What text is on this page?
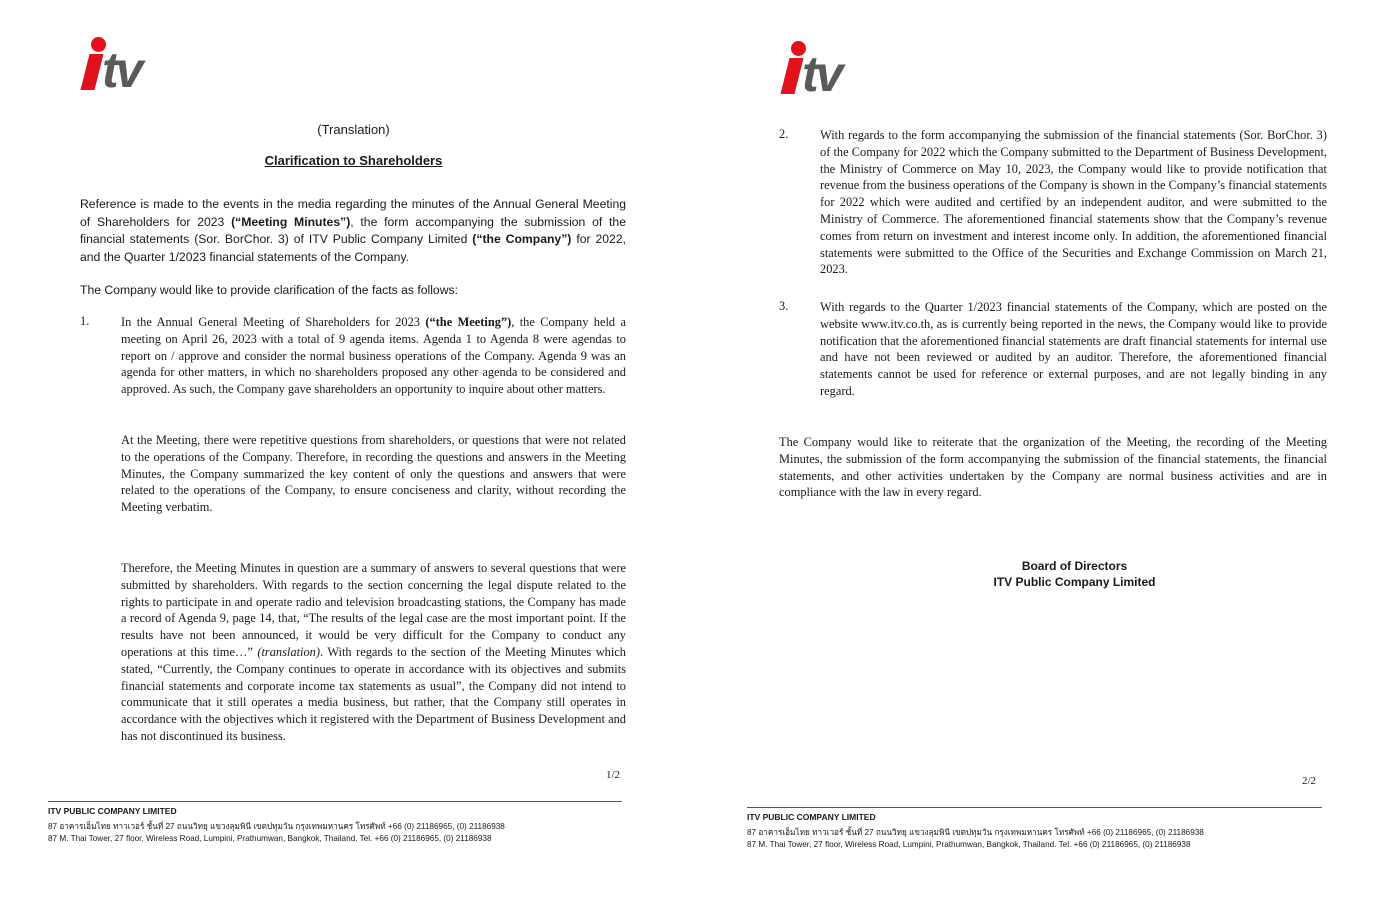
tv
(Translation)
Clarification to Shareholders

Reference is made to the events in the media regarding the minutes of the Annual General Meeting of Shareholders for 2023 (“Meeting Minutes”), the form accompanying the submission of the financial statements (Sor. BorChor. 3) of ITV Public Company Limited (“the Company”) for 2022, and the Quarter 1/2023 financial statements of the Company.

The Company would like to provide clarification of the facts as follows:

1.	In the Annual General Meeting of Shareholders for 2023 (“the Meeting”), the Company held a meeting on April 26, 2023 with a total of 9 agenda items. Agenda 1 to Agenda 8 were agendas to report on / approve and consider the normal business operations of the Company. Agenda 9 was an agenda for other matters, in which no shareholders proposed any other agenda to be considered and approved. As such, the Company gave shareholders an opportunity to inquire about other matters.

At the Meeting, there were repetitive questions from shareholders, or questions that were not related to the operations of the Company. Therefore, in recording the questions and answers in the Meeting Minutes, the Company summarized the key content of only the questions and answers that were related to the operations of the Company, to ensure conciseness and clarity, without recording the Meeting verbatim.

Therefore, the Meeting Minutes in question are a summary of answers to several questions that were submitted by shareholders. With regards to the section concerning the legal dispute related to the rights to participate in and operate radio and television broadcasting stations, the Company has made a record of Agenda 9, page 14, that, “The results of the legal case are the most important point. If the results have not been announced, it would be very difficult for the Company to conduct any operations at this time…” (translation). With regards to the section of the Meeting Minutes which stated, “Currently, the Company continues to operate in accordance with its objectives and submits financial statements and corporate income tax statements as usual”, the Company did not intend to communicate that it still operates a media business, but rather, that the Company still operates in accordance with the objectives which it registered with the Department of Business Development and has not discontinued its business.

1/2
ITV PUBLIC COMPANY LIMITED
87 อาคารเอ็มไทย ทาวเวอร์ ชั้นที่ 27 ถนนวิทยุ แขวงลุมพินี เขตปทุมวัน กรุงเทพมหานคร โทรศัพท์ +66 (0) 21186965, (0) 21186938
87 M. Thai Tower, 27 floor, Wireless Road, Lumpini, Prathumwan, Bangkok, Thailand. Tel. +66 (0) 21186965, (0) 21186938
tv
2.	With regards to the form accompanying the submission of the financial statements (Sor. BorChor. 3) of the Company for 2022 which the Company submitted to the Department of Business Development, the Ministry of Commerce on May 10, 2023, the Company would like to provide notification that revenue from the business operations of the Company is shown in the Company’s financial statements for 2022 which were audited and certified by an independent auditor, and were submitted to the Ministry of Commerce. The aforementioned financial statements show that the Company’s revenue comes from return on investment and interest income only. In addition, the aforementioned financial statements were submitted to the Office of the Securities and Exchange Commission on March 21, 2023.

3.	With regards to the Quarter 1/2023 financial statements of the Company, which are posted on the website www.itv.co.th, as is currently being reported in the news, the Company would like to provide notification that the aforementioned financial statements are draft financial statements for internal use and have not been reviewed or audited by an auditor. Therefore, the aforementioned financial statements cannot be used for reference or external purposes, and are not legally binding in any regard.

The Company would like to reiterate that the organization of the Meeting, the recording of the Meeting Minutes, the submission of the form accompanying the submission of the financial statements, the financial statements, and other activities undertaken by the Company are normal business activities and are in compliance with the law in every regard.

Board of Directors
ITV Public Company Limited
2/2
ITV PUBLIC COMPANY LIMITED
87 อาคารเอ็มไทย ทาวเวอร์ ชั้นที่ 27 ถนนวิทยุ แขวงลุมพินี เขตปทุมวัน กรุงเทพมหานคร โทรศัพท์ +66 (0) 21186965, (0) 21186938
87 M. Thai Tower, 27 floor, Wireless Road, Lumpini, Prathumwan, Bangkok, Thailand. Tel. +66 (0) 21186965, (0) 21186938
